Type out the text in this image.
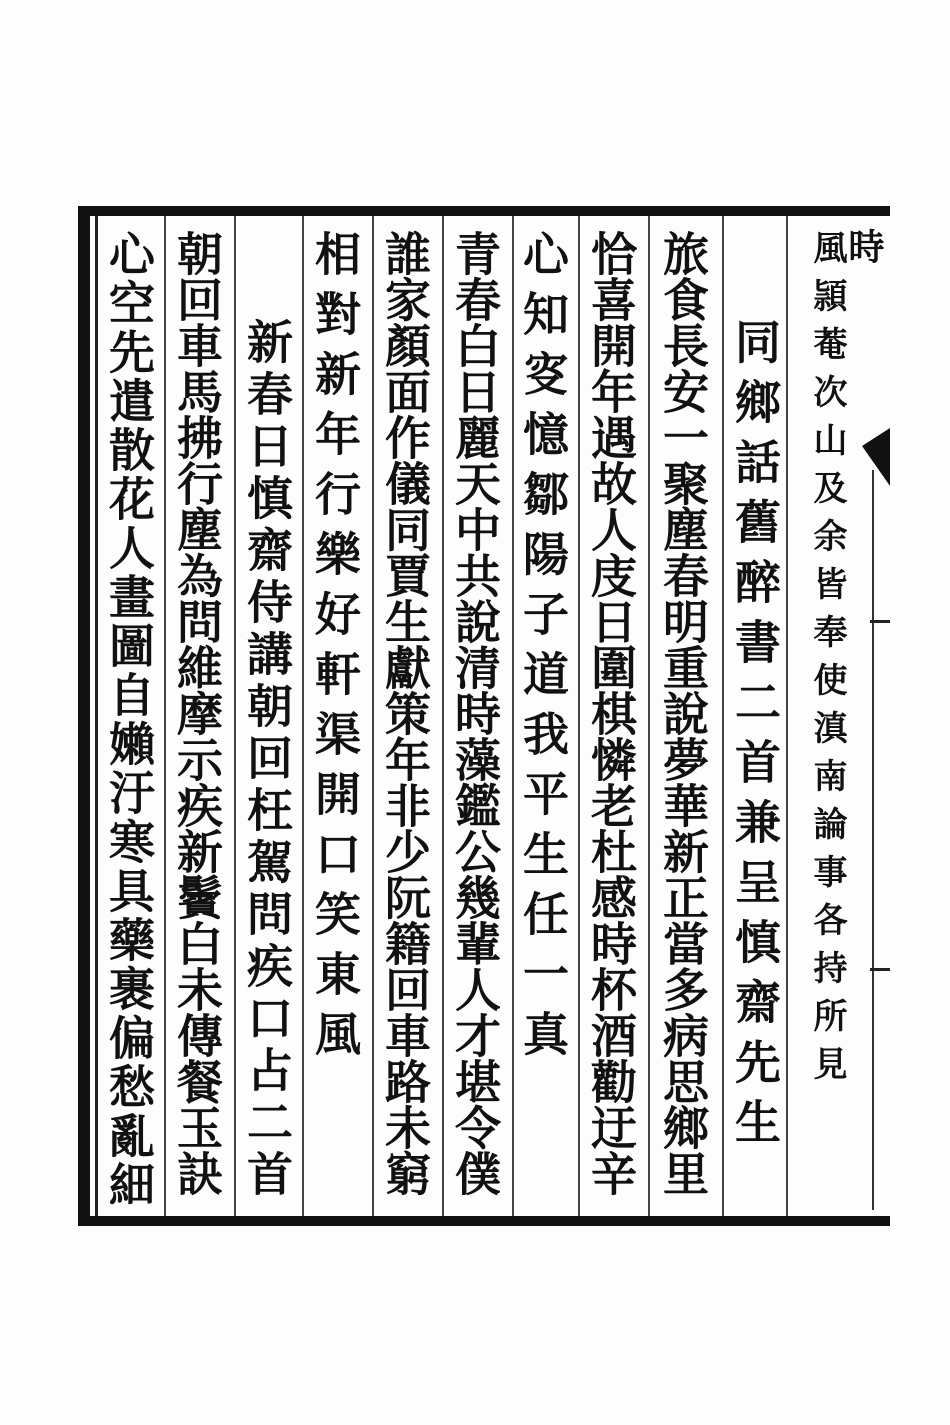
時
風頴菴次山及余皆奉使滇南論事各持所見
同鄉話舊醉書二首兼呈慎齋先生
旅食長安一聚塵春明重說夢華新正當多病思鄉里
恰喜開年遇故人庋日圍棋憐老杜感時杯酒勸迂辛
心知叜憶鄒陽子道我平生任一真
青春白日麗天中共說清時藻鑑公幾輩人才堪令僕
誰家顏面作儀同賈生獻策年非少阮籍回車路未窮
相對新年行樂好軒渠開口笑東風
新春日慎齋侍講朝回枉駕問疾口占二首
朝回車馬拂行塵為問維摩示疾新鬢白未傳餐玉訣
心空先遣散花人畫圖自嬾汙寒具藥裹偏愁亂細
